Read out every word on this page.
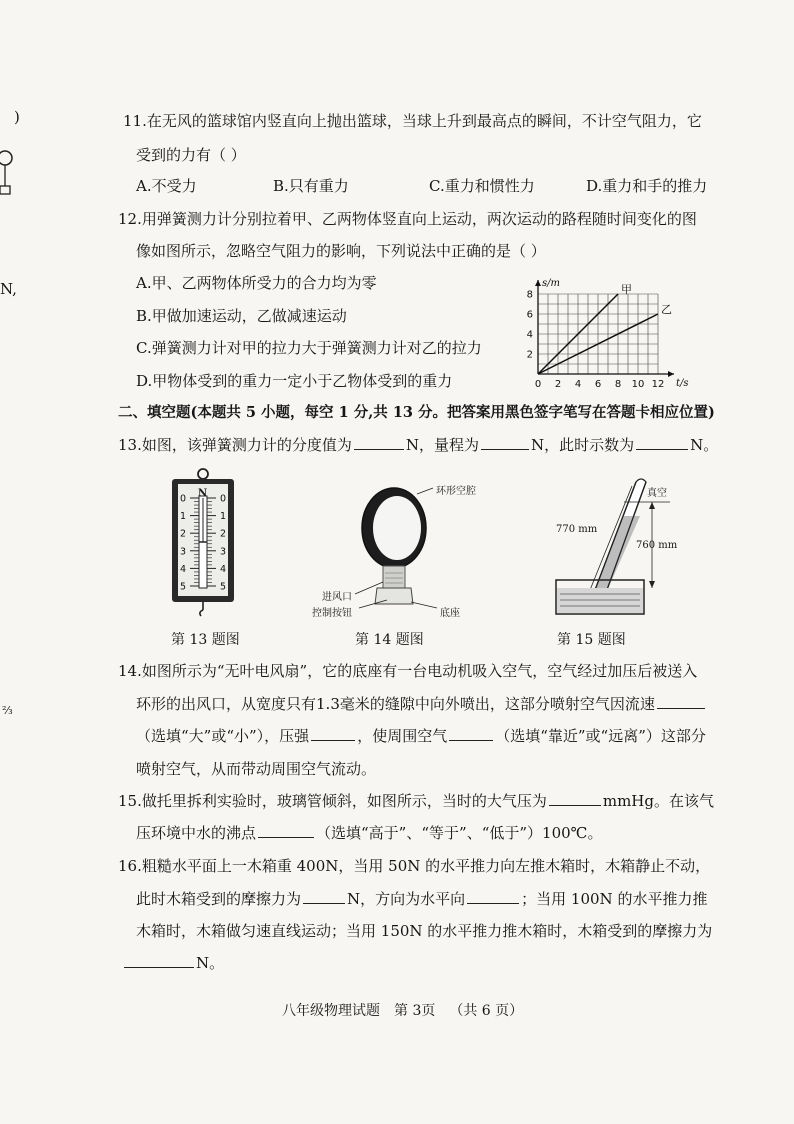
)
N,
⅔
11.在无风的篮球馆内竖直向上抛出篮球，当球上升到最高点的瞬间，不计空气阻力，它
受到的力有（ ）
A.不受力	B.只有重力	C.重力和惯性力	D.重力和手的推力
12.用弹簧测力计分别拉着甲、乙两物体竖直向上运动，两次运动的路程随时间变化的图
像如图所示，忽略空气阻力的影响，下列说法中正确的是（ ）
A.甲、乙两物体所受力的合力均为零
B.甲做加速运动，乙做减速运动
C.弹簧测力计对甲的拉力大于弹簧测力计对乙的拉力
D.甲物体受到的重力一定小于乙物体受到的重力
s/m
t/s
0 2 4 6 8 10 12
2
4
6
8	甲
乙
二、填空题(本题共 5 小题，每空 1 分,共 13 分。把答案用黑色签字笔写在答题卡相应位置)
13.如图，该弹簧测力计的分度值为	N，量程为	N，此时示数为	N。
0	0
1	1
2	2
3	3
4	4
5	5
N
第 13 题图
环形空腔
进风口
控制按钮	底座
第 14 题图
真空
770 mm
760 mm
第 15 题图
14.如图所示为“无叶电风扇”，它的底座有一台电动机吸入空气，空气经过加压后被送入
环形的出风口，从宽度只有1.3毫米的缝隙中向外喷出，这部分喷射空气因流速
（选填“大”或“小”），压强	，使周围空气	（选填“靠近”或“远离”）这部分
喷射空气，从而带动周围空气流动。
15.做托里拆利实验时，玻璃管倾斜，如图所示，当时的大气压为	mmHg。在该气
压环境中水的沸点	（选填“高于”、“等于”、“低于”）100℃。
16.粗糙水平面上一木箱重 400N，当用 50N 的水平推力向左推木箱时，木箱静止不动，
此时木箱受到的摩擦力为	N，方向为水平向	；当用 100N 的水平推力推
木箱时，木箱做匀速直线运动；当用 150N 的水平推力推木箱时，木箱受到的摩擦力为
N。
八年级物理试题 第 3页 （共 6 页）
